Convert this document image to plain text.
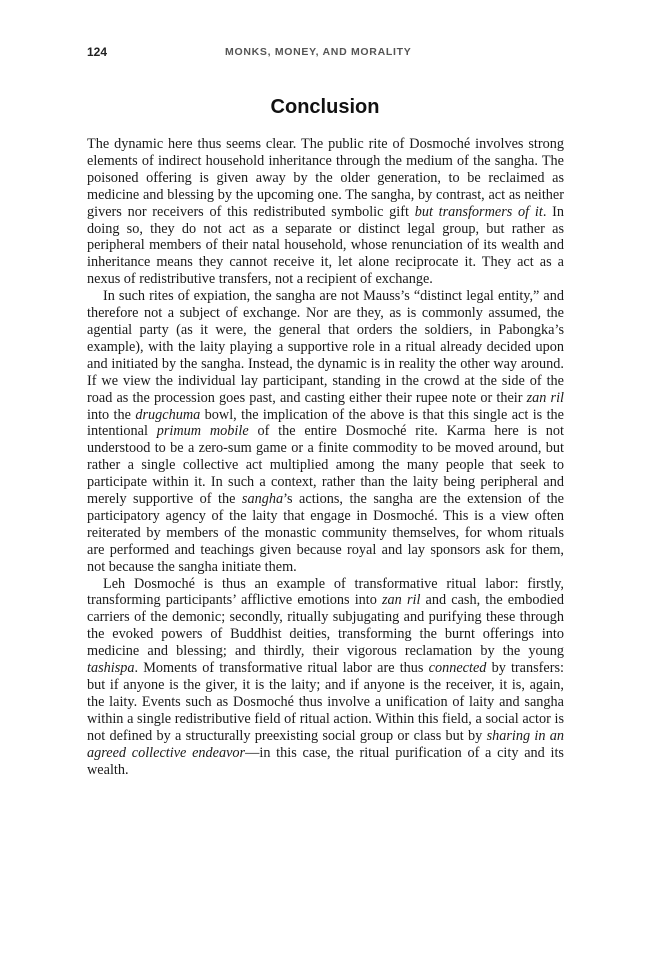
124	MONKS, MONEY, AND MORALITY
Conclusion

The dynamic here thus seems clear. The public rite of Dosmoché involves strong elements of indirect household inheritance through the medium of the sangha. The poisoned offering is given away by the older generation, to be reclaimed as medicine and blessing by the upcoming one. The sangha, by contrast, act as neither givers nor receivers of this redistributed symbolic gift but transformers of it. In doing so, they do not act as a separate or distinct legal group, but rather as peripheral members of their natal household, whose renunciation of its wealth and inheritance means they cannot receive it, let alone reciprocate it. They act as a nexus of redistributive transfers, not a recipient of exchange.

In such rites of expiation, the sangha are not Mauss’s “distinct legal entity,” and therefore not a subject of exchange. Nor are they, as is commonly assumed, the agential party (as it were, the general that orders the soldiers, in Pabongka’s example), with the laity playing a supportive role in a ritual already decided upon and initiated by the sangha. Instead, the dynamic is in reality the other way around. If we view the individual lay participant, standing in the crowd at the side of the road as the procession goes past, and casting either their rupee note or their zan ril into the drugchuma bowl, the implication of the above is that this single act is the intentional primum mobile of the entire Dosmoché rite. Karma here is not understood to be a zero-sum game or a finite commodity to be moved around, but rather a single collective act multiplied among the many people that seek to participate within it. In such a context, rather than the laity being peripheral and merely supportive of the sangha’s actions, the sangha are the extension of the participatory agency of the laity that engage in Dosmoché. This is a view often reiterated by members of the monastic community themselves, for whom rituals are performed and teachings given because royal and lay sponsors ask for them, not because the sangha initiate them.

Leh Dosmoché is thus an example of transformative ritual labor: firstly, transforming participants’ afflictive emotions into zan ril and cash, the embodied carriers of the demonic; secondly, ritually subjugating and purifying these through the evoked powers of Buddhist deities, transforming the burnt offerings into medicine and blessing; and thirdly, their vigorous reclamation by the young tashispa. Moments of transformative ritual labor are thus connected by transfers: but if anyone is the giver, it is the laity; and if anyone is the receiver, it is, again, the laity. Events such as Dosmoché thus involve a unification of laity and sangha within a single redistributive field of ritual action. Within this field, a social actor is not defined by a structurally preexisting social group or class but by sharing in an agreed collective endeavor—in this case, the ritual purification of a city and its wealth.
